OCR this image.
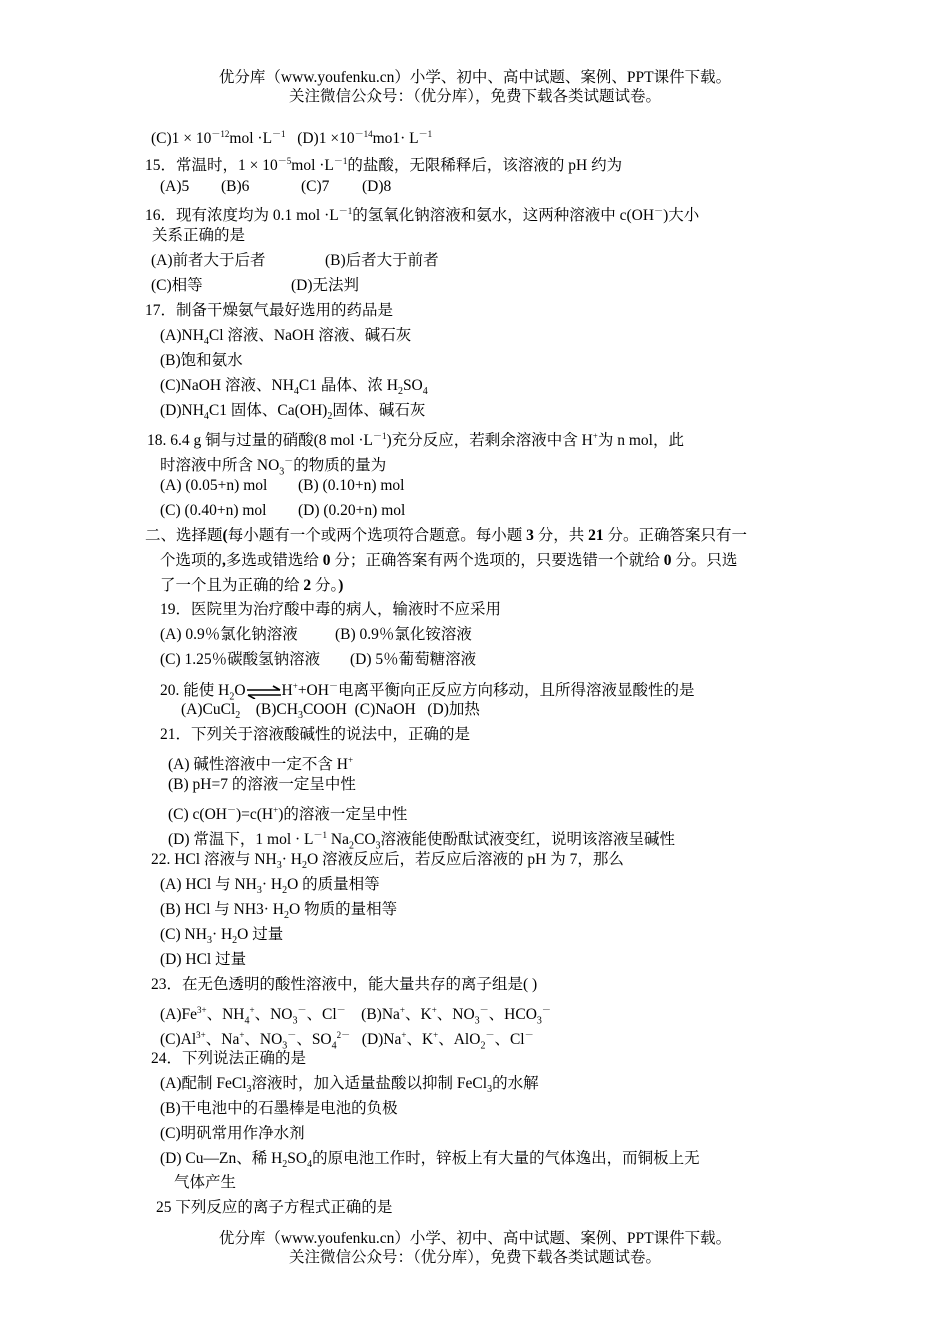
优分库（www.youfenku.cn）小学、初中、高中试题、案例、PPT课件下载。
关注微信公众号：（优分库），免费下载各类试题试卷。
$(C)1 \times 10^{-12}mol \cdot L^{-1}$ $(D)1 \times 10^{-14}mo1\cdot L^{-1}$
15．常温时，$1 \times 10^{-5}mol \cdot L^{-1}$的盐酸，无限稀释后，该溶液的 pH 约为
(A)5 (B)6	(C)7 (D)8
16．现有浓度均为 0.1 mol $\cdot L^{-1}$的氢氧化钠溶液和氨水，这两种溶液中 c(OH－)大小
关系正确的是
(A)前者大于后者	(B)后者大于前者
(C)相等	(D)无法判
17．制备干燥氨气最好选用的药品是
$(A)NH_4Cl$ 溶液、NaOH 溶液、碱石灰
(B)饱和氨水
(C)NaOH 溶液、$NH_4C1$ 晶体、浓 $H_2SO_4$
$(D)NH_4C1$ 固体、$Ca(OH)_2$固体、碱石灰
18. 6.4 g 铜与过量的硝酸(8 mol $\cdot L^{-1}$)充分反应，若剩余溶液中含 H+为 n mol，此
时溶液中所含 $NO_3^-$的物质的量为
(A) (0.05+n) mol (B) (0.10+n) mol
(C) (0.40+n) mol (D) (0.20+n) mol
二、选择题(每小题有一个或两个选项符合题意。每小题 3 分，共 21 分。正确答案只有一
个选项的,多选或错选给 0 分；正确答案有两个选项的，只要选错一个就给 0 分。只选
了一个且为正确的给 2 分。)
19．医院里为治疗酸中毒的病人，输液时不应采用
(A) 0.9％氯化钠溶液 (B) 0.9％氯化铵溶液
(C) 1.25％碳酸氢钠溶液 (D) 5％葡萄糖溶液
20. 能使 $H_2O\rightleftharpoons H^++OH^-$电离平衡向正反应方向移动，且所得溶液显酸性的是
(A)CuCl$_2$ $(B)CH_3COOH$ (C)NaOH (D)加热
21．下列关于溶液酸碱性的说法中，正确的是
(A) 碱性溶液中一定不含 H+
(B) pH=7 的溶液一定呈中性
(C) c(OH－)=c(H+)的溶液一定呈中性
(D) 常温下，1 mol · $L^{-1}$ $Na_2CO_3$溶液能使酚酞试液变红，说明该溶液呈碱性
22. HCl 溶液与 $NH_3\cdot H_2O$ 溶液反应后，若反应后溶液的 pH 为 7，那么
(A) HCl 与 $NH_3\cdot H_2O$ 的质量相等
(B) HCl 与 $NH3\cdot H_2O$ 物质的量相等
(C) $NH_3\cdot H_2O$ 过量
(D) HCl 过量
23．在无色透明的酸性溶液中，能大量共存的离子组是( )
$(A)Fe^{3+}$、$NH_4^+$、$NO_3^-$、Cl－ (B)Na+、K+、$NO_3^-$、$HCO_3^-$
$(C)Al^{3+}$、Na+、$NO_3^-$、$SO_4^{2-}$ (D)Na+、K+、AlO$_2$－、Cl－
24．下列说法正确的是
(A)配制 FeCl$_3$溶液时，加入适量盐酸以抑制 FeCl$_3$的水解
(B)干电池中的石墨棒是电池的负极
(C)明矾常用作净水剂
(D) Cu—Zn、稀 $H_2SO_4$的原电池工作时，锌板上有大量的气体逸出，而铜板上无
气体产生
25 下列反应的离子方程式正确的是
优分库（www.youfenku.cn）小学、初中、高中试题、案例、PPT课件下载。
关注微信公众号：（优分库），免费下载各类试题试卷。
